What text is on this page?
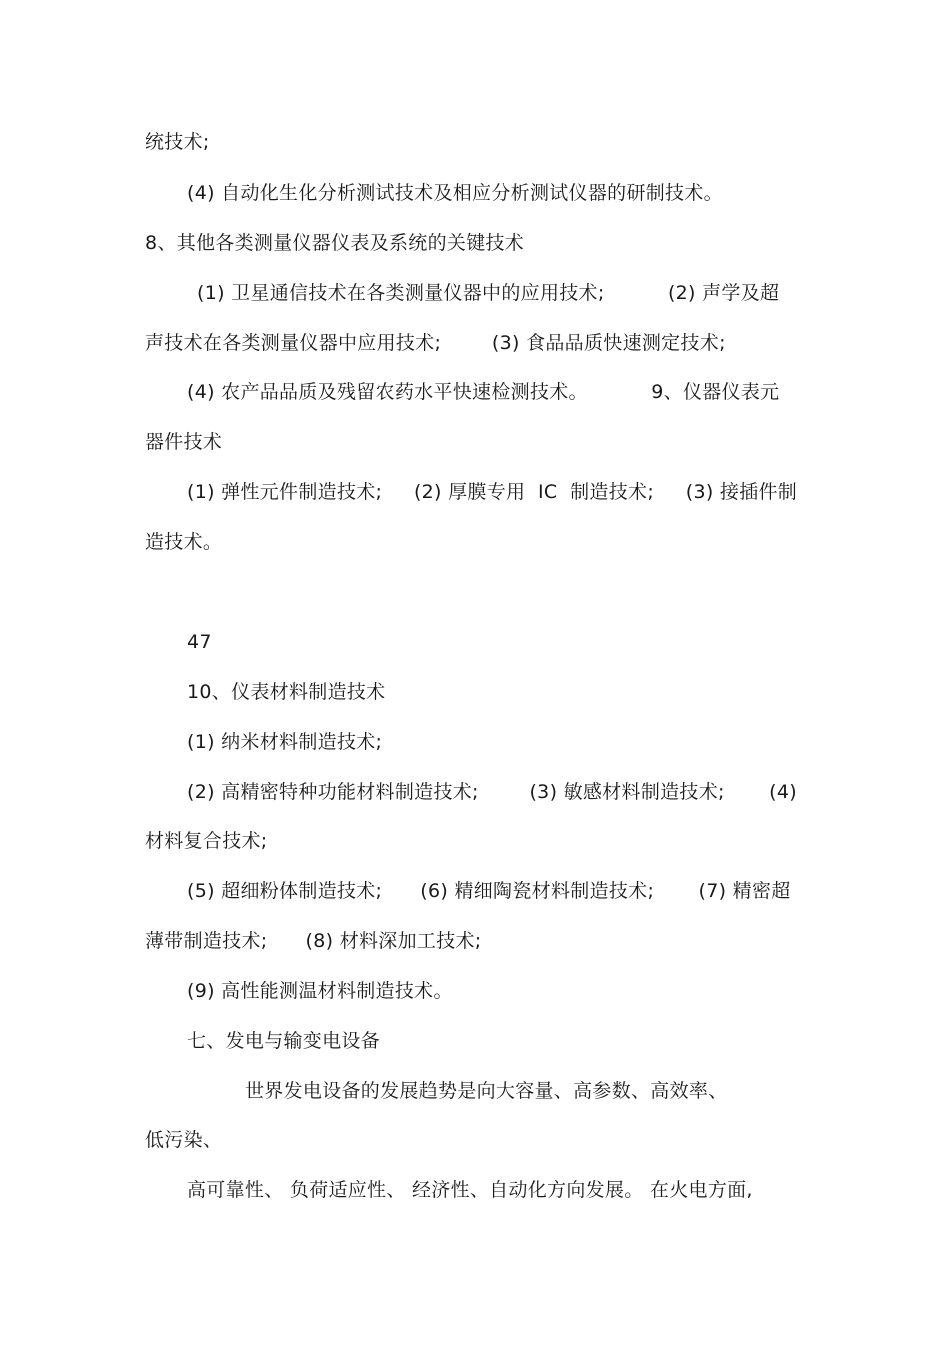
统技术;
(4) 自动化生化分析测试技术及相应分析测试仪器的研制技术。
8、其他各类测量仪器仪表及系统的关键技术
(1) 卫星通信技术在各类测量仪器中的应用技术;          (2) 声学及超
声技术在各类测量仪器中应用技术;        (3) 食品品质快速测定技术;
(4) 农产品品质及残留农药水平快速检测技术。          9、仪器仪表元
器件技术
(1) 弹性元件制造技术;     (2) 厚膜专用  IC  制造技术;     (3) 接插件制
造技术。
47
10、仪表材料制造技术
(1) 纳米材料制造技术;
(2) 高精密特种功能材料制造技术;        (3) 敏感材料制造技术;       (4)
材料复合技术;
(5) 超细粉体制造技术;      (6) 精细陶瓷材料制造技术;       (7) 精密超
薄带制造技术;      (8) 材料深加工技术;
(9) 高性能测温材料制造技术。
七、发电与输变电设备
世界发电设备的发展趋势是向大容量、高参数、高效率、
低污染、
高可靠性、 负荷适应性、 经济性、自动化方向发展。 在火电方面,
